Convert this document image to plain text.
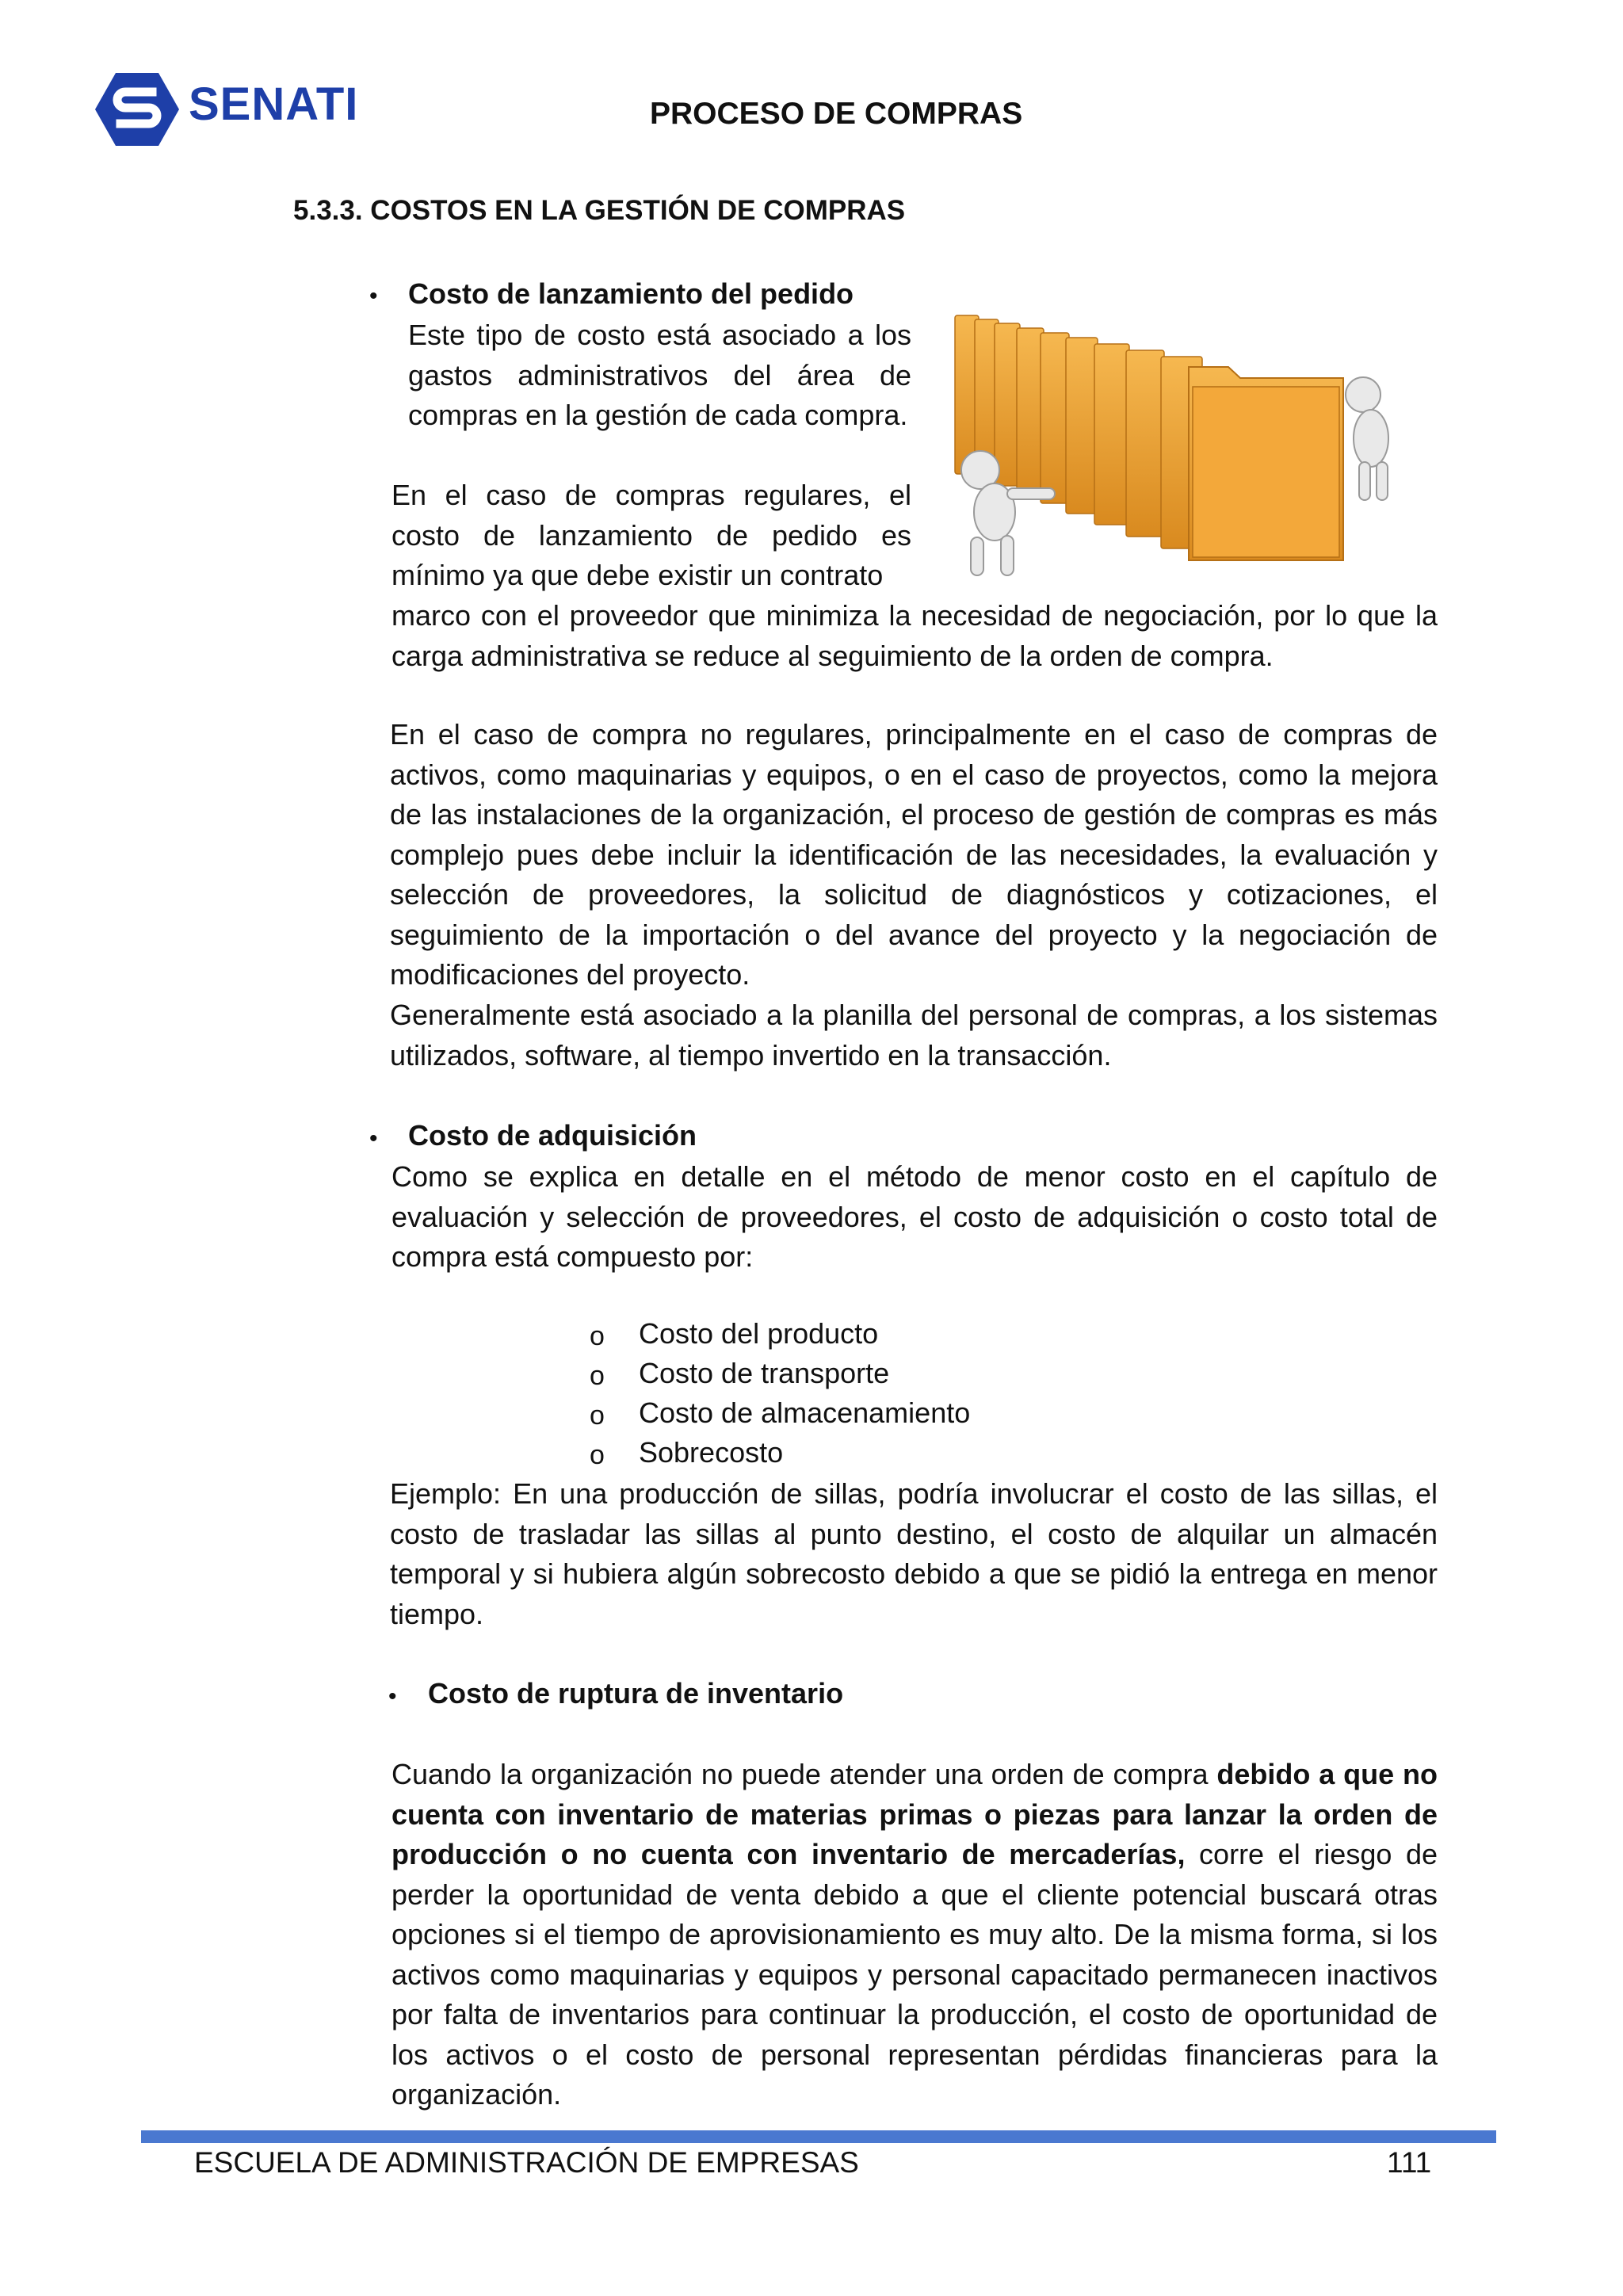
SENATI	PROCESO DE COMPRAS
5.3.3. COSTOS EN LA GESTIÓN DE COMPRAS
• Costo de lanzamiento del pedido
Este tipo de costo está asociado a los gastos administrativos del área de compras en la gestión de cada compra.
En el caso de compras regulares, el costo de lanzamiento de pedido es mínimo ya que debe existir un contrato
marco con el proveedor que minimiza la necesidad de negociación, por lo que la carga administrativa se reduce al seguimiento de la orden de compra.
En el caso de compra no regulares, principalmente en el caso de compras de activos, como maquinarias y equipos, o en el caso de proyectos, como la mejora de las instalaciones de la organización, el proceso de gestión de compras es más complejo pues debe incluir la identificación de las necesidades, la evaluación y selección de proveedores, la solicitud de diagnósticos y cotizaciones, el seguimiento de la importación o del avance del proyecto y la negociación de modificaciones del proyecto.
Generalmente está asociado a la planilla del personal de compras, a los sistemas utilizados, software, al tiempo invertido en la transacción.
• Costo de adquisición
Como se explica en detalle en el método de menor costo en el capítulo de evaluación y selección de proveedores, el costo de adquisición o costo total de compra está compuesto por:
o Costo del producto
o Costo de transporte
o Costo de almacenamiento
o Sobrecosto
Ejemplo: En una producción de sillas, podría involucrar el costo de las sillas, el costo de trasladar las sillas al punto destino, el costo de alquilar un almacén temporal y si hubiera algún sobrecosto debido a que se pidió la entrega en menor tiempo.
• Costo de ruptura de inventario
Cuando la organización no puede atender una orden de compra debido a que no cuenta con inventario de materias primas o piezas para lanzar la orden de producción o no cuenta con inventario de mercaderías, corre el riesgo de perder la oportunidad de venta debido a que el cliente potencial buscará otras opciones si el tiempo de aprovisionamiento es muy alto. De la misma forma, si los activos como maquinarias y equipos y personal capacitado permanecen inactivos por falta de inventarios para continuar la producción, el costo de oportunidad de los activos o el costo de personal representan pérdidas financieras para la organización.
ESCUELA DE ADMINISTRACIÓN DE EMPRESAS	111
